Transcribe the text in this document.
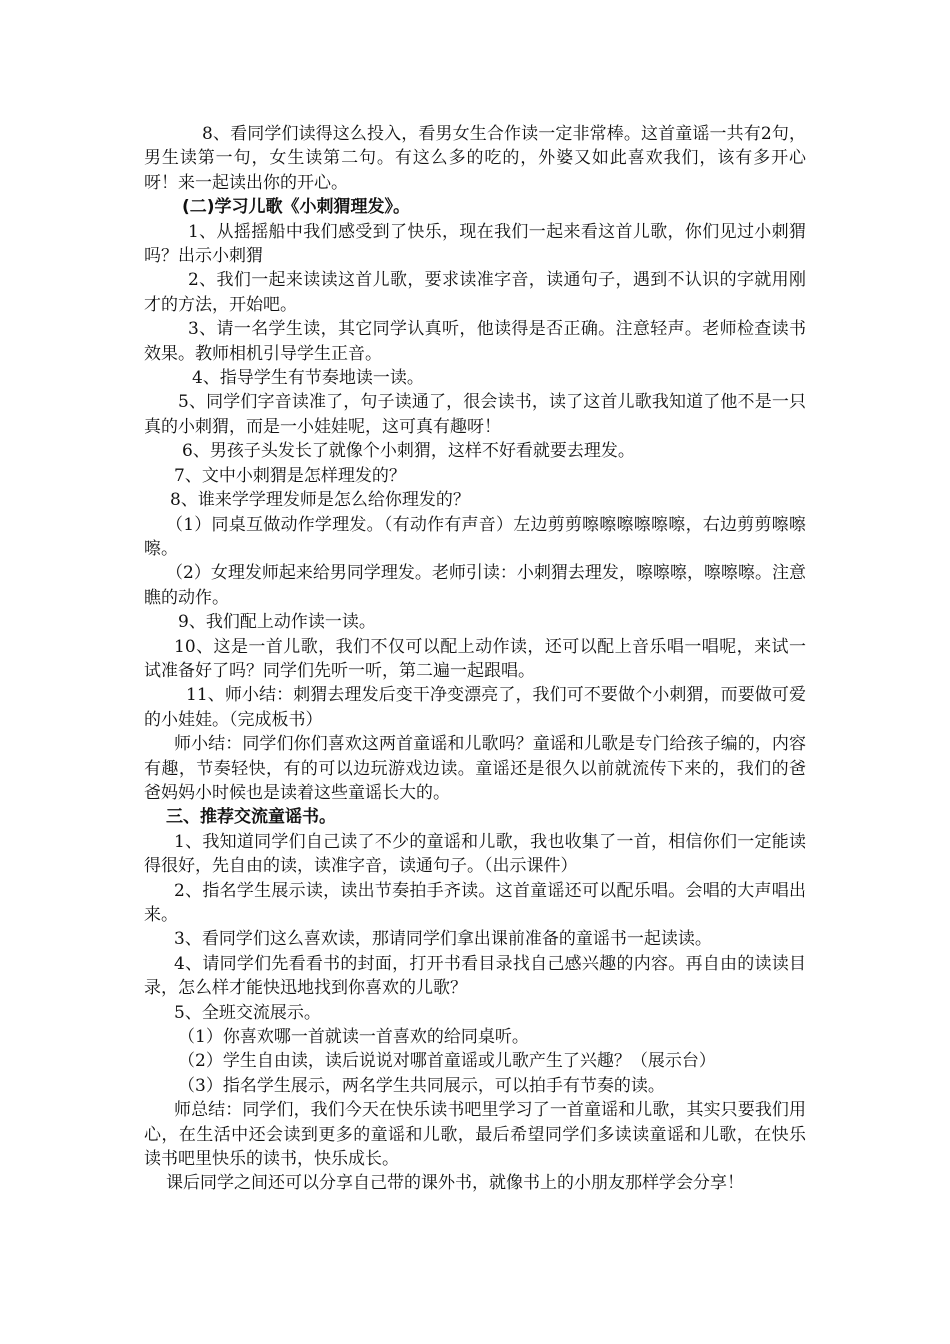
8、看同学们读得这么投入，看男女生合作读一定非常棒。这首童谣一共有2句，男生读第一句，女生读第二句。有这么多的吃的，外婆又如此喜欢我们，该有多开心呀！来一起读出你的开心。

(二)学习儿歌《小刺猬理发》。

1、从摇摇船中我们感受到了快乐，现在我们一起来看这首儿歌，你们见过小刺猬吗？出示小刺猬

2、我们一起来读读这首儿歌，要求读准字音，读通句子，遇到不认识的字就用刚才的方法，开始吧。

3、请一名学生读，其它同学认真听，他读得是否正确。注意轻声。老师检查读书效果。教师相机引导学生正音。

4、指导学生有节奏地读一读。

5、同学们字音读准了，句子读通了，很会读书，读了这首儿歌我知道了他不是一只真的小刺猬，而是一小娃娃呢，这可真有趣呀！

6、男孩子头发长了就像个小刺猬，这样不好看就要去理发。

7、文中小刺猬是怎样理发的？

8、谁来学学理发师是怎么给你理发的？

（1）同桌互做动作学理发。（有动作有声音）左边剪剪嚓嚓嚓嚓嚓嚓，右边剪剪嚓嚓嚓。

（2）女理发师起来给男同学理发。老师引读：小刺猬去理发，嚓嚓嚓，嚓嚓嚓。注意瞧的动作。

9、我们配上动作读一读。

10、这是一首儿歌，我们不仅可以配上动作读，还可以配上音乐唱一唱呢，来试一试准备好了吗？同学们先听一听，第二遍一起跟唱。

11、师小结：刺猬去理发后变干净变漂亮了，我们可不要做个小刺猬，而要做可爱的小娃娃。（完成板书）

师小结：同学们你们喜欢这两首童谣和儿歌吗？童谣和儿歌是专门给孩子编的，内容有趣，节奏轻快，有的可以边玩游戏边读。童谣还是很久以前就流传下来的，我们的爸爸妈妈小时候也是读着这些童谣长大的。

三、推荐交流童谣书。

1、我知道同学们自己读了不少的童谣和儿歌，我也收集了一首，相信你们一定能读得很好，先自由的读，读准字音，读通句子。（出示课件）

2、指名学生展示读，读出节奏拍手齐读。这首童谣还可以配乐唱。会唱的大声唱出来。

3、看同学们这么喜欢读，那请同学们拿出课前准备的童谣书一起读读。

4、请同学们先看看书的封面，打开书看目录找自己感兴趣的内容。再自由的读读目录，怎么样才能快迅地找到你喜欢的儿歌？

5、全班交流展示。

（1）你喜欢哪一首就读一首喜欢的给同桌听。

（2）学生自由读，读后说说对哪首童谣或儿歌产生了兴趣？（展示台）

（3）指名学生展示，两名学生共同展示，可以拍手有节奏的读。

师总结：同学们，我们今天在快乐读书吧里学习了一首童谣和儿歌，其实只要我们用心，在生活中还会读到更多的童谣和儿歌，最后希望同学们多读读童谣和儿歌，在快乐读书吧里快乐的读书，快乐成长。

课后同学之间还可以分享自己带的课外书，就像书上的小朋友那样学会分享！
